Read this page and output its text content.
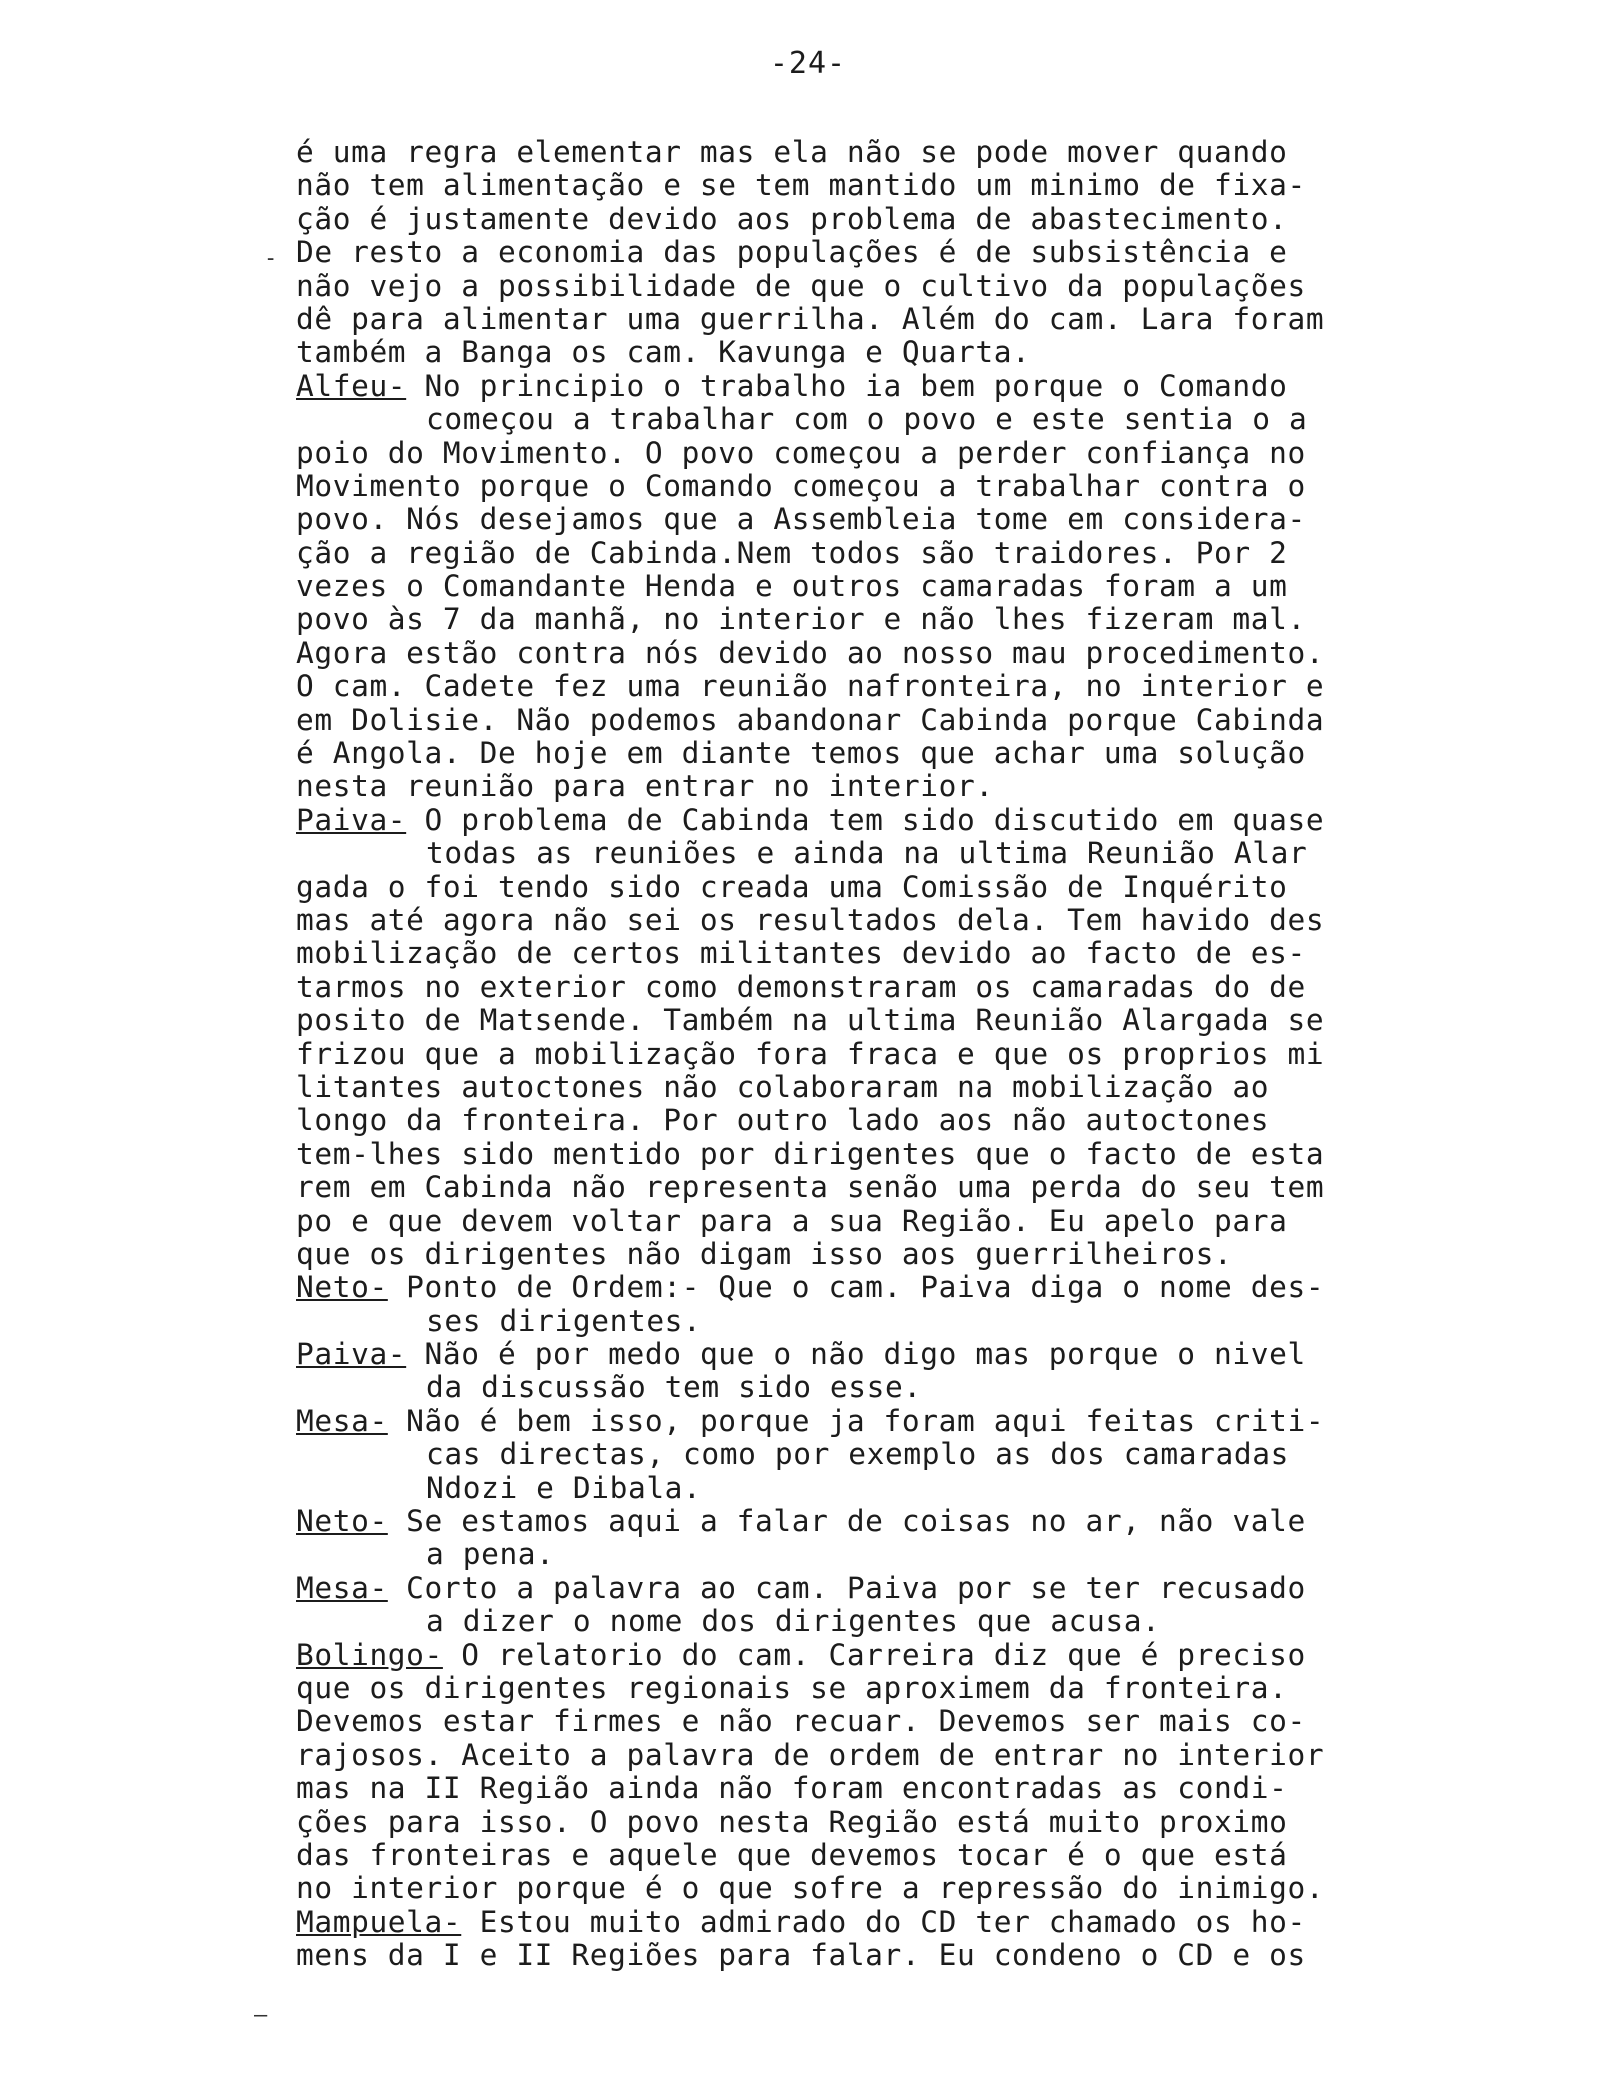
-24-
-
—
é uma regra elementar mas ela não se pode mover quando
não tem alimentação e se tem mantido um minimo de fixa-
ção é justamente devido aos problema de abastecimento.
De resto a economia das populações é de subsistência e
não vejo a possibilidade de que o cultivo da populações
dê para alimentar uma guerrilha. Além do cam. Lara foram
também a Banga os cam. Kavunga e Quarta.
Alfeu- No principio o trabalho ia bem porque o Comando
começou a trabalhar com o povo e este sentia o a
poio do Movimento. O povo começou a perder confiança no
Movimento porque o Comando começou a trabalhar contra o
povo. Nós desejamos que a Assembleia tome em considera-
ção a região de Cabinda.Nem todos são traidores. Por 2
vezes o Comandante Henda e outros camaradas foram a um
povo às 7 da manhã, no interior e não lhes fizeram mal.
Agora estão contra nós devido ao nosso mau procedimento.
O cam. Cadete fez uma reunião nafronteira, no interior e
em Dolisie. Não podemos abandonar Cabinda porque Cabinda
é Angola. De hoje em diante temos que achar uma solução
nesta reunião para entrar no interior.
Paiva- O problema de Cabinda tem sido discutido em quase
todas as reuniões e ainda na ultima Reunião Alar
gada o foi tendo sido creada uma Comissão de Inquérito
mas até agora não sei os resultados dela. Tem havido des
mobilização de certos militantes devido ao facto de es-
tarmos no exterior como demonstraram os camaradas do de
posito de Matsende. Também na ultima Reunião Alargada se
frizou que a mobilização fora fraca e que os proprios mi
litantes autoctones não colaboraram na mobilização ao
longo da fronteira. Por outro lado aos não autoctones
tem-lhes sido mentido por dirigentes que o facto de esta
rem em Cabinda não representa senão uma perda do seu tem
po e que devem voltar para a sua Região. Eu apelo para
que os dirigentes não digam isso aos guerrilheiros.
Neto- Ponto de Ordem:- Que o cam. Paiva diga o nome des-
ses dirigentes.
Paiva- Não é por medo que o não digo mas porque o nivel
da discussão tem sido esse.
Mesa- Não é bem isso, porque ja foram aqui feitas criti-
cas directas, como por exemplo as dos camaradas
Ndozi e Dibala.
Neto- Se estamos aqui a falar de coisas no ar, não vale
a pena.
Mesa- Corto a palavra ao cam. Paiva por se ter recusado
a dizer o nome dos dirigentes que acusa.
Bolingo- O relatorio do cam. Carreira diz que é preciso
que os dirigentes regionais se aproximem da fronteira.
Devemos estar firmes e não recuar. Devemos ser mais co-
rajosos. Aceito a palavra de ordem de entrar no interior
mas na II Região ainda não foram encontradas as condi-
ções para isso. O povo nesta Região está muito proximo
das fronteiras e aquele que devemos tocar é o que está
no interior porque é o que sofre a repressão do inimigo.
Mampuela- Estou muito admirado do CD ter chamado os ho-
mens da I e II Regiões para falar. Eu condeno o CD e os
